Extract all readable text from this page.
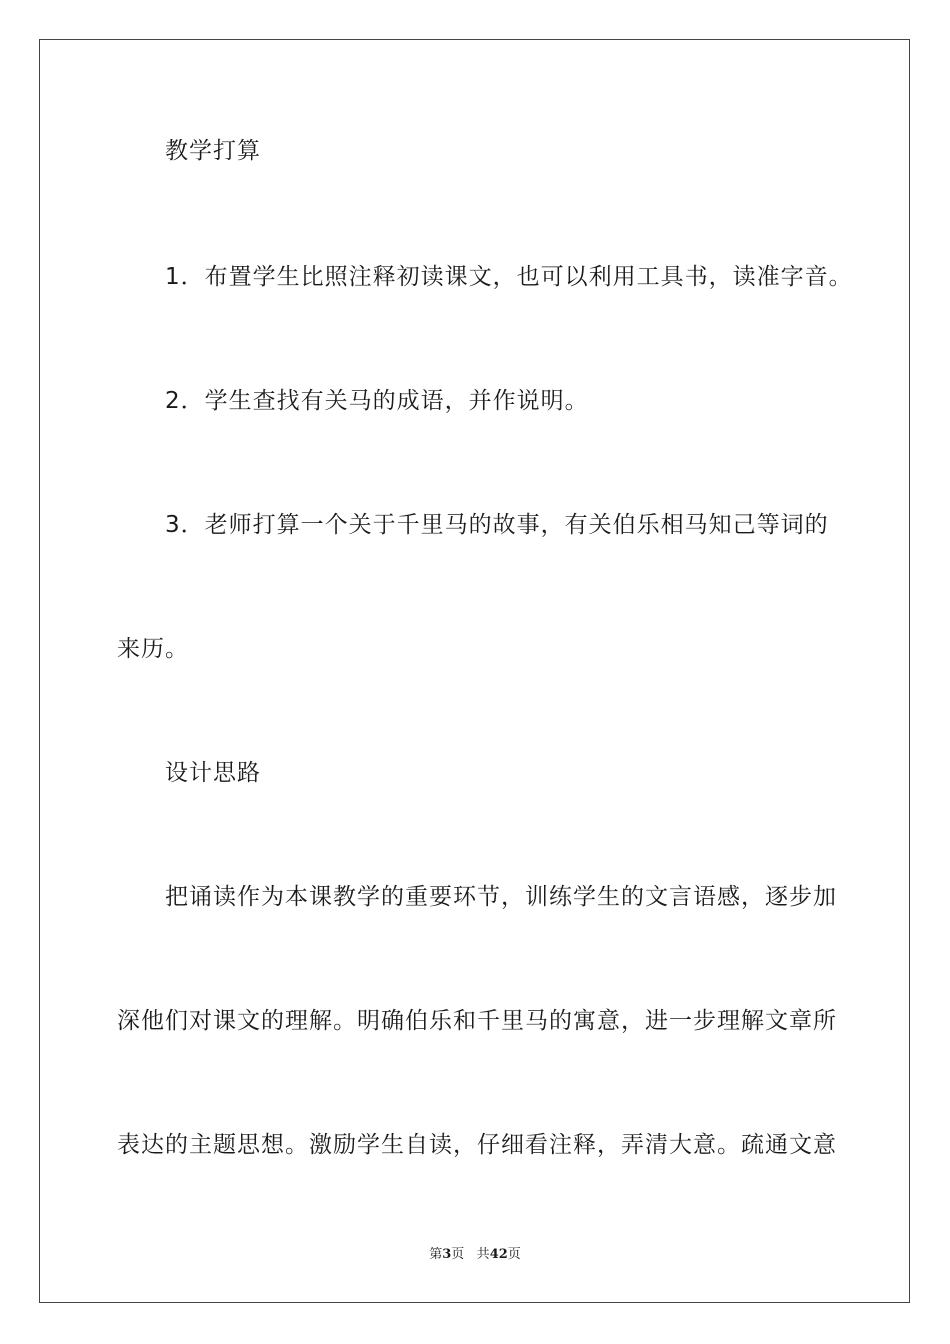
教学打算
1．布置学生比照注释初读课文，也可以利用工具书，读准字音。
2．学生查找有关马的成语，并作说明。
3．老师打算一个关于千里马的故事，有关伯乐相马知己等词的
来历。
设计思路
把诵读作为本课教学的重要环节，训练学生的文言语感，逐步加
深他们对课文的理解。明确伯乐和千里马的寓意，进一步理解文章所
表达的主题思想。激励学生自读，仔细看注释，弄清大意。疏通文意
第3页 共42页
